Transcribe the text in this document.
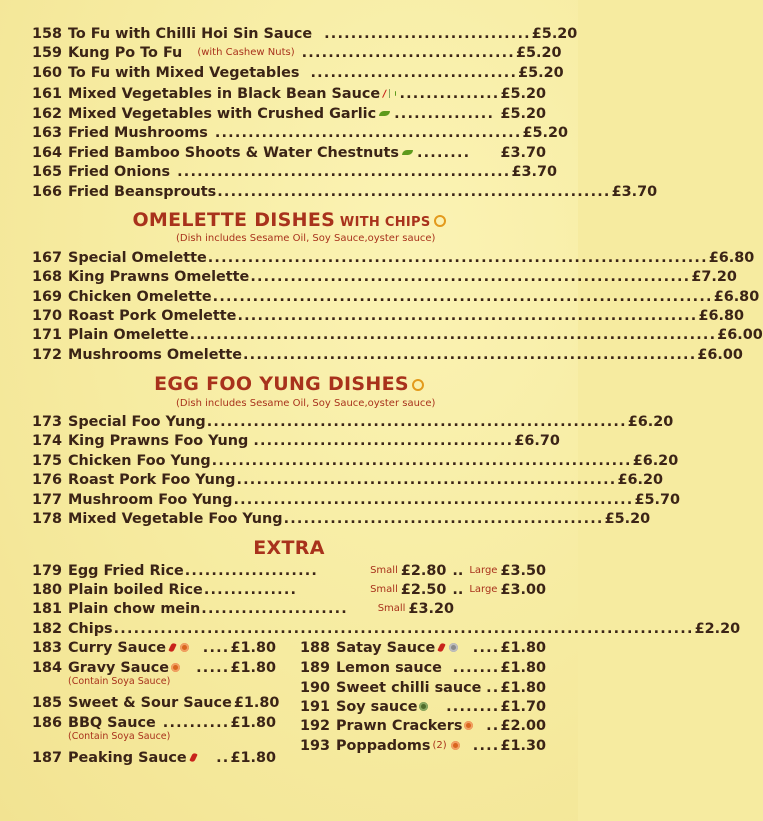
158 To Fu with Chilli Hoi Sin Sauce ............................... £5.20
159 Kung Po To Fu (with Cashew Nuts) ................................ £5.20
160 To Fu with Mixed Vegetables ............................... £5.20
161 Mixed Vegetables in Black Bean Sauce ............... £5.20
162 Mixed Vegetables with Crushed Garlic ............... £5.20
163 Fried Mushrooms .............................................. £5.20
164 Fried Bamboo Shoots & Water Chestnuts ........	£3.70
165 Fried Onions .................................................. £3.70
166 Fried Beansprouts ........................................................... £3.70
OMELETTE DISHES WITH CHIPS
(Dish includes Sesame Oil, Soy Sauce,oyster sauce)
167 Special Omelette ........................................................................... £6.80
168 King Prawns Omelette .................................................................. £7.20
169 Chicken Omelette ........................................................................... £6.80
170 Roast Pork Omelette ..................................................................... £6.80
171 Plain Omelette ............................................................................... £6.00
172 Mushrooms Omelette .................................................................... £6.00
EGG FOO YUNG DISHES
(Dish includes Sesame Oil, Soy Sauce,oyster sauce)
173 Special Foo Yung ............................................................... £6.20
174 King Prawns Foo Yung ....................................... £6.70
175 Chicken Foo Yung ............................................................... £6.20
176 Roast Pork Foo Yung ......................................................... £6.20
177 Mushroom Foo Yung ............................................................ £5.70
178 Mixed Vegetable Foo Yung ................................................ £5.20
EXTRA
179 Egg Fried Rice ....................	Small £2.80 .. Large £3.50
180 Plain boiled Rice ..............	Small £2.50 .. Large £3.00
181 Plain chow mein ......................	Small £3.20
182 Chips ....................................................................................... £2.20
183 Curry Sauce	.... £1.80
184 Gravy Sauce	..... £1.80
(Contain Soya Sauce)
185 Sweet & Sour Sauce £1.80
186 BBQ Sauce .......... £1.80
(Contain Soya Sauce)
187 Peaking Sauce	.. £1.80
188 Satay Sauce	.... £1.80
189 Lemon sauce ....... £1.80
190 Sweet chilli sauce .. £1.80
191 Soy sauce	........ £1.70
192 Prawn Crackers	.. £2.00
193 Poppadoms (2)	.... £1.30
